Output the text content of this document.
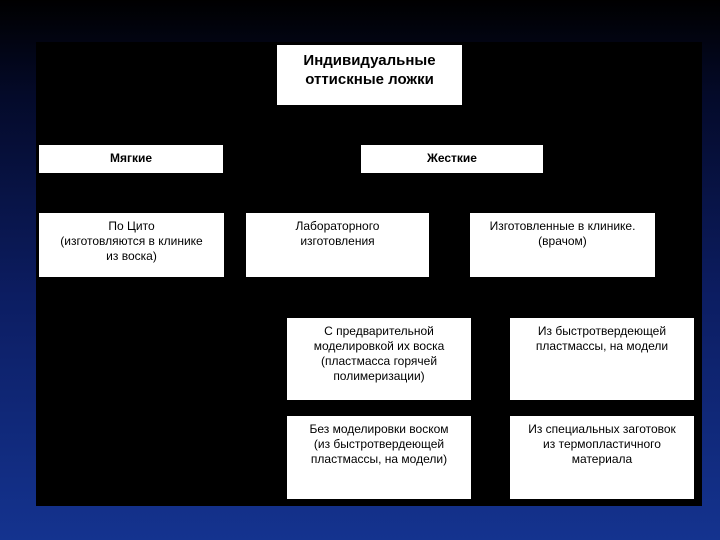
Индивидуальные
оттискные ложки
Мягкие	Жесткие
По Цито
(изготовляются в клинике
из воска)
Лабораторного
изготовления
Изготовленные в клинике.
(врачом)
С предварительной
моделировкой их воска
(пластмасса горячей
полимеризации)
Из быстротвердеющей
пластмассы, на модели
Без моделировки воском
(из быстротвердеющей
пластмассы, на модели)
Из специальных заготовок
из термопластичного
материала
